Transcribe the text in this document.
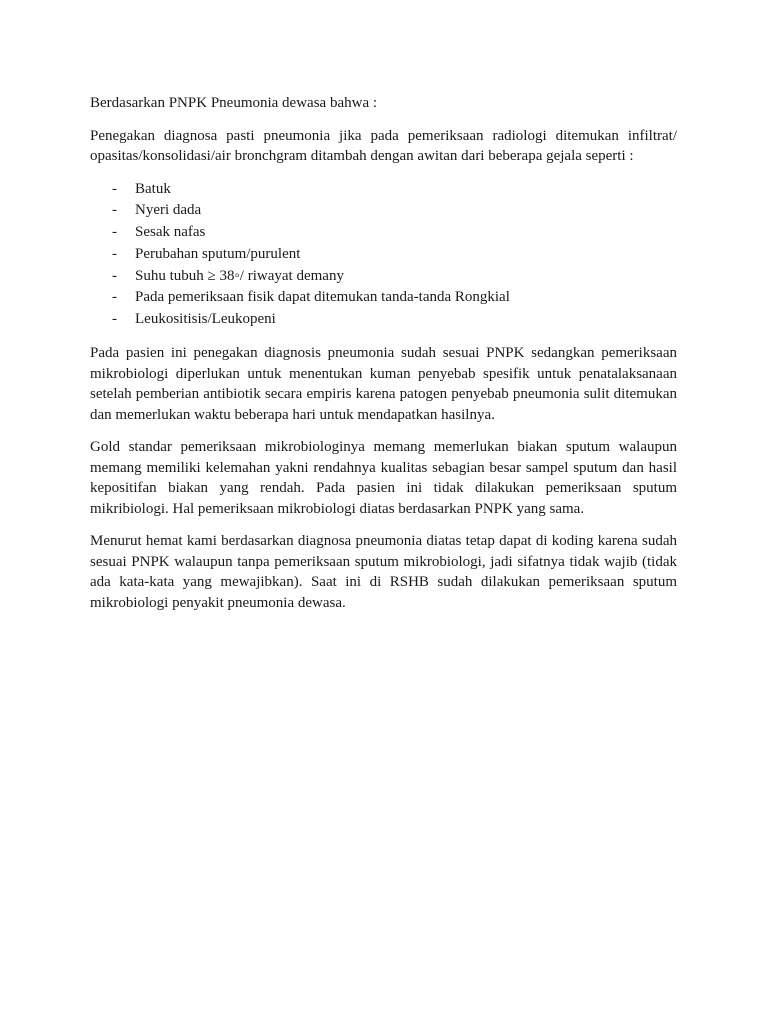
Berdasarkan PNPK Pneumonia dewasa bahwa :

Penegakan diagnosa pasti pneumonia jika pada pemeriksaan radiologi ditemukan infiltrat/ opasitas/konsolidasi/air bronchgram ditambah dengan awitan dari beberapa gejala seperti :

- Batuk
- Nyeri dada
- Sesak nafas
- Perubahan sputum/purulent
- Suhu tubuh ≥ 38◦/ riwayat demany
- Pada pemeriksaan fisik dapat ditemukan tanda-tanda Rongkial
- Leukositisis/Leukopeni

Pada pasien ini penegakan diagnosis pneumonia sudah sesuai PNPK sedangkan pemeriksaan mikrobiologi diperlukan untuk menentukan kuman penyebab spesifik untuk penatalaksanaan setelah pemberian antibiotik secara empiris karena patogen penyebab pneumonia sulit ditemukan dan memerlukan waktu beberapa hari untuk mendapatkan hasilnya.

Gold standar pemeriksaan mikrobiologinya memang memerlukan biakan sputum walaupun memang memiliki kelemahan yakni rendahnya kualitas sebagian besar sampel sputum dan hasil kepositifan biakan yang rendah. Pada pasien ini tidak dilakukan pemeriksaan sputum mikribiologi. Hal pemeriksaan mikrobiologi diatas berdasarkan PNPK yang sama.

Menurut hemat kami berdasarkan diagnosa pneumonia diatas tetap dapat di koding karena sudah sesuai PNPK walaupun tanpa pemeriksaan sputum mikrobiologi, jadi sifatnya tidak wajib (tidak ada kata-kata yang mewajibkan). Saat ini di RSHB sudah dilakukan pemeriksaan sputum mikrobiologi penyakit pneumonia dewasa.
